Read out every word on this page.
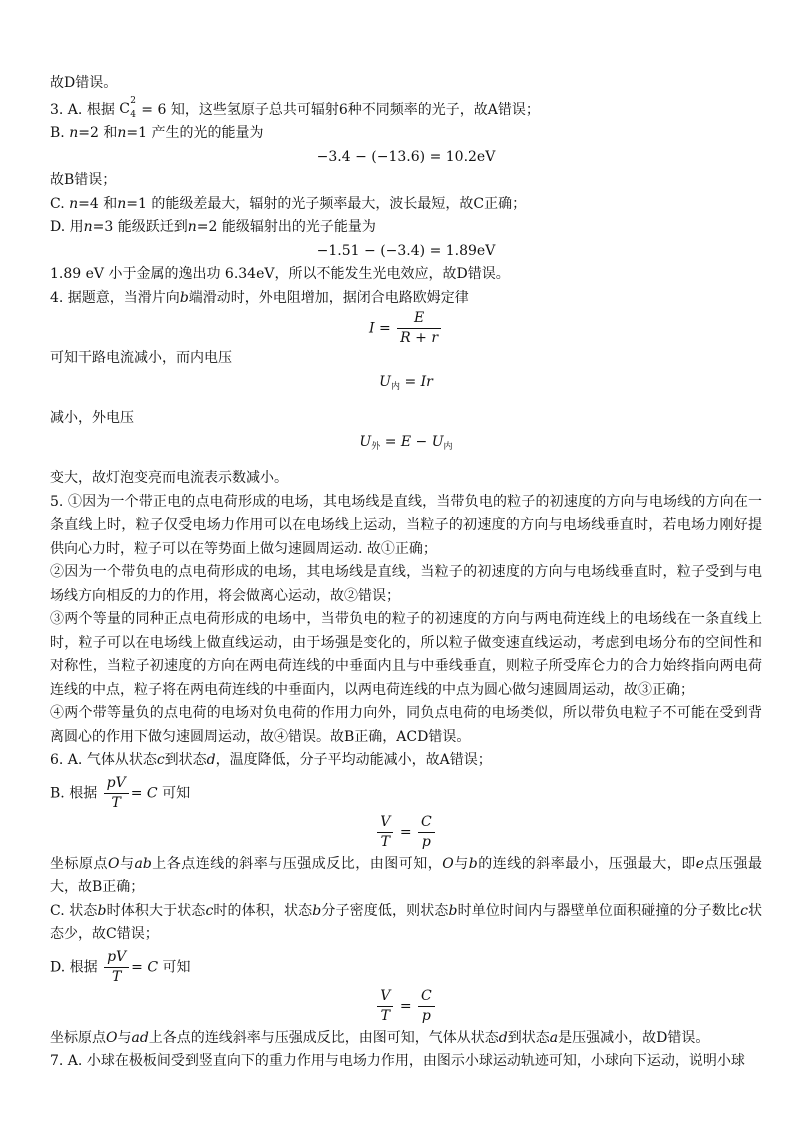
故D错误。
3. A. 根据 C 2
4 = 6 知，这些氢原子总共可辐射6种不同频率的光子，故A错误；
B. n=2 和n=1 产生的光的能量为
−3.4 − (−13.6) = 10.2eV
故B错误；
C. n=4 和n=1 的能级差最大，辐射的光子频率最大，波长最短，故C正确；
D. 用n=3 能级跃迁到n=2 能级辐射出的光子能量为
−1.51 − (−3.4) = 1.89eV
1.89 eV 小于金属的逸出功 6.34eV，所以不能发生光电效应，故D错误。
4. 据题意，当滑片向b端滑动时，外电阻增加，据闭合电路欧姆定律
$I = \frac{E}{R + r}$
可知干路电流减小，而内电压
$U_内 = Ir$
减小，外电压
$U_外 = E - U_内$
变大，故灯泡变亮而电流表示数减小。
5. ①因为一个带正电的点电荷形成的电场，其电场线是直线，当带负电的粒子的初速度的方向与电场线的方向在一条直线上时，粒子仅受电场力作用可以在电场线上运动，当粒子的初速度的方向与电场线垂直时，若电场力刚好提供向心力时，粒子可以在等势面上做匀速圆周运动. 故①正确；
②因为一个带负电的点电荷形成的电场，其电场线是直线，当粒子的初速度的方向与电场线垂直时，粒子受到与电场线方向相反的力的作用，将会做离心运动，故②错误；
③两个等量的同种正点电荷形成的电场中，当带负电的粒子的初速度的方向与两电荷连线上的电场线在一条直线上时，粒子可以在电场线上做直线运动，由于场强是变化的，所以粒子做变速直线运动，考虑到电场分布的空间性和对称性，当粒子初速度的方向在两电荷连线的中垂面内且与中垂线垂直，则粒子所受库仑力的合力始终指向两电荷连线的中点，粒子将在两电荷连线的中垂面内，以两电荷连线的中点为圆心做匀速圆周运动，故③正确；
④两个带等量负的点电荷的电场对负电荷的作用力向外，同负点电荷的电场类似，所以带负电粒子不可能在受到背离圆心的作用下做匀速圆周运动，故④错误。故B正确，ACD错误。
6. A. 气体从状态c到状态d，温度降低，分子平均动能减小，故A错误；
B. 根据 $\frac{pV}{T} = C$ 可知
$\frac{V}{T} = \frac{C}{p}$
坐标原点O与ab上各点连线的斜率与压强成反比，由图可知，O与b的连线的斜率最小，压强最大，即e点压强最大，故B正确；
C. 状态b时体积大于状态c时的体积，状态b分子密度低，则状态b时单位时间内与器壁单位面积碰撞的分子数比c状态少，故C错误；
D. 根据 $\frac{pV}{T} = C$ 可知
$\frac{V}{T} = \frac{C}{p}$
坐标原点O与ad上各点的连线斜率与压强成反比，由图可知，气体从状态d到状态a是压强减小，故D错误。
7. A. 小球在极板间受到竖直向下的重力作用与电场力作用，由图示小球运动轨迹可知，小球向下运动，说明小球
